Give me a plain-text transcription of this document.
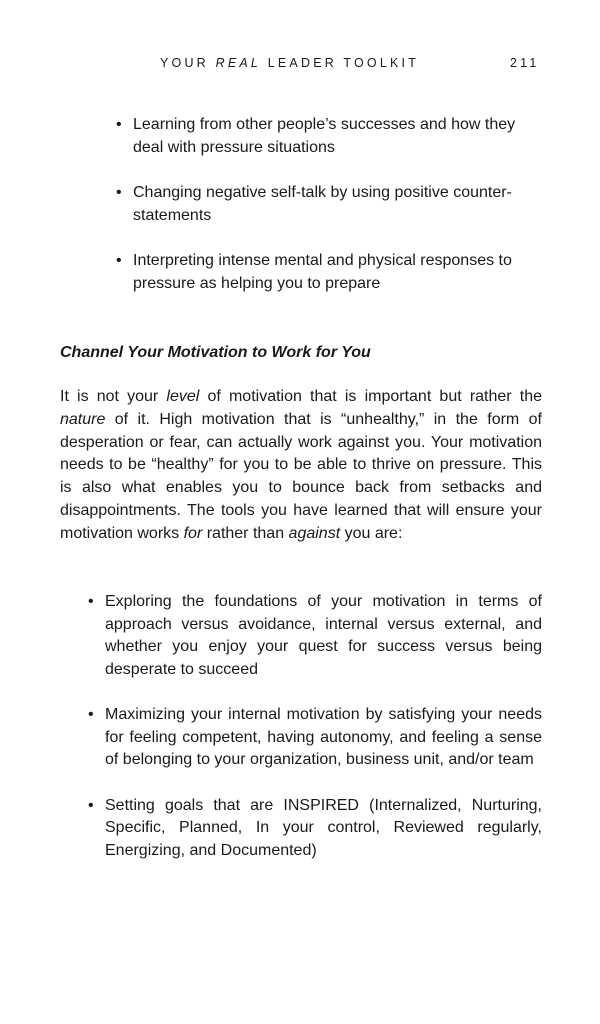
YOUR REAL LEADER TOOLKIT	211
• Learning from other people’s successes and how they deal with pressure situations
• Changing negative self-talk by using positive counter-statements
• Interpreting intense mental and physical responses to pressure as helping you to prepare
Channel Your Motivation to Work for You

It is not your level of motivation that is important but rather the nature of it. High motivation that is “unhealthy,” in the form of desperation or fear, can actually work against you. Your motivation needs to be “healthy” for you to be able to thrive on pressure. This is also what enables you to bounce back from setbacks and disappointments. The tools you have learned that will ensure your motivation works for rather than against you are:

• Exploring the foundations of your motivation in terms of approach versus avoidance, internal versus external, and whether you enjoy your quest for success versus being desperate to succeed
• Maximizing your internal motivation by satisfying your needs for feeling competent, having autonomy, and feeling a sense of belonging to your organization, business unit, and/or team
• Setting goals that are INSPIRED (Internalized, Nurturing, Specific, Planned, In your control, Reviewed regularly, Energizing, and Documented)
